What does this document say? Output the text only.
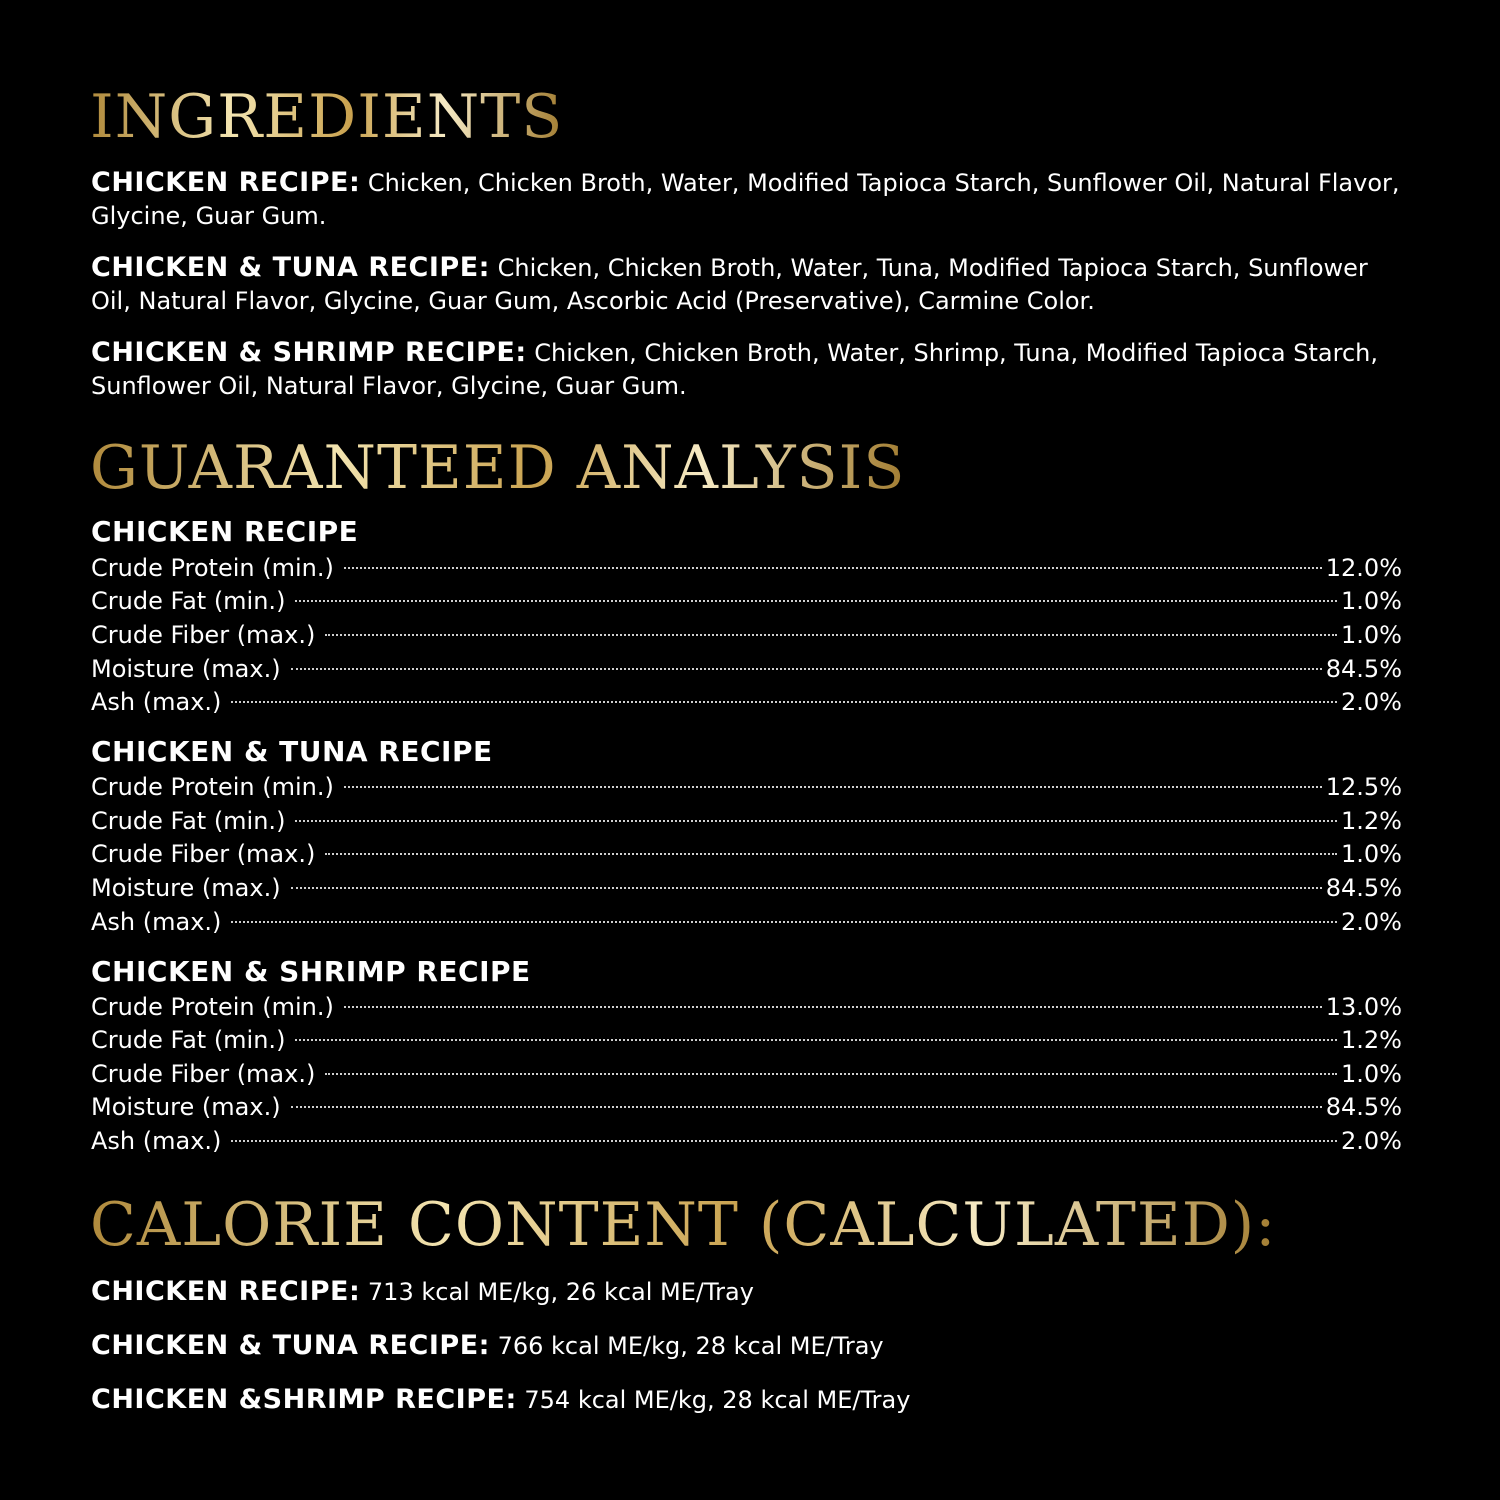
INGREDIENTS

CHICKEN RECIPE: Chicken, Chicken Broth, Water, Modified Tapioca Starch, Sunflower Oil, Natural Flavor, Glycine, Guar Gum.

CHICKEN & TUNA RECIPE: Chicken, Chicken Broth, Water, Tuna, Modified Tapioca Starch, Sunflower Oil, Natural Flavor, Glycine, Guar Gum, Ascorbic Acid (Preservative), Carmine Color.

CHICKEN & SHRIMP RECIPE: Chicken, Chicken Broth, Water, Shrimp, Tuna, Modified Tapioca Starch, Sunflower Oil, Natural Flavor, Glycine, Guar Gum.

GUARANTEED ANALYSIS
CHICKEN RECIPE
Crude Protein (min.)	12.0%
Crude Fat (min.)	1.0%
Crude Fiber (max.)	1.0%
Moisture (max.)	84.5%
Ash (max.)	2.0%
CHICKEN & TUNA RECIPE
Crude Protein (min.)	12.5%
Crude Fat (min.)	1.2%
Crude Fiber (max.)	1.0%
Moisture (max.)	84.5%
Ash (max.)	2.0%
CHICKEN & SHRIMP RECIPE
Crude Protein (min.)	13.0%
Crude Fat (min.)	1.2%
Crude Fiber (max.)	1.0%
Moisture (max.)	84.5%
Ash (max.)	2.0%
CALORIE CONTENT (CALCULATED):

CHICKEN RECIPE: 713 kcal ME/kg, 26 kcal ME/Tray

CHICKEN & TUNA RECIPE: 766 kcal ME/kg, 28 kcal ME/Tray

CHICKEN &SHRIMP RECIPE: 754 kcal ME/kg, 28 kcal ME/Tray
